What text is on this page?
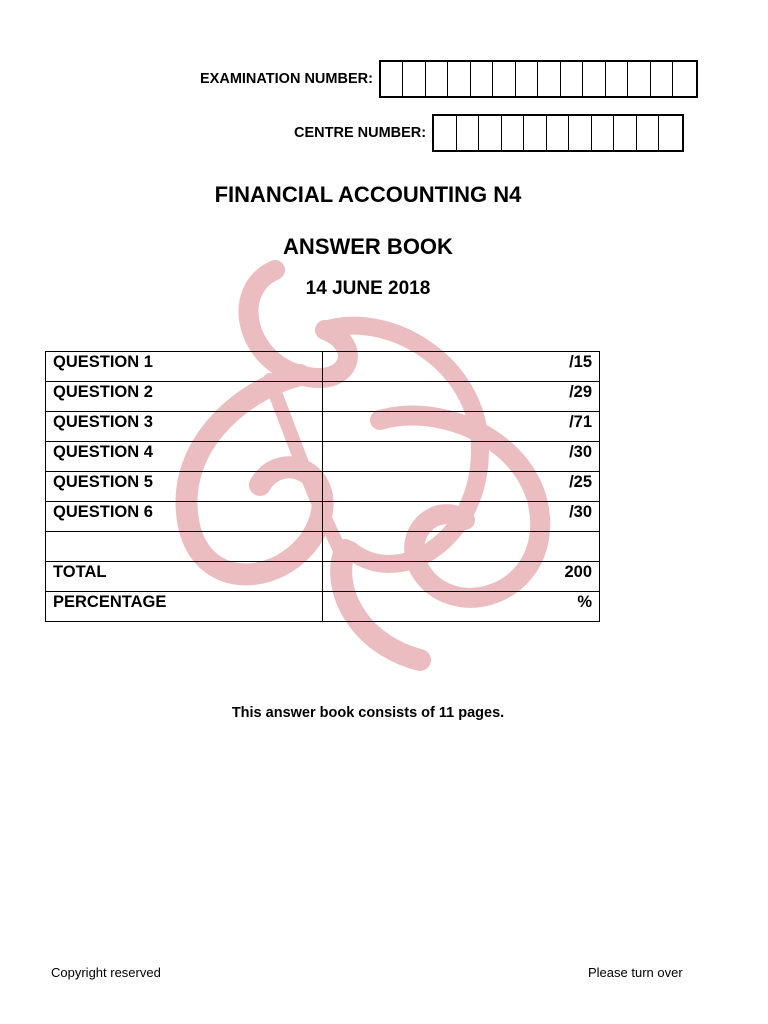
EXAMINATION NUMBER:
CENTRE NUMBER:
FINANCIAL ACCOUNTING N4
ANSWER BOOK
14 JUNE 2018
QUESTION 1	/15
QUESTION 2	/29
QUESTION 3	/71
QUESTION 4	/30
QUESTION 5	/25
QUESTION 6	/30

TOTAL	200
PERCENTAGE	%
This answer book consists of 11 pages.
Copyright reserved	Please turn over
